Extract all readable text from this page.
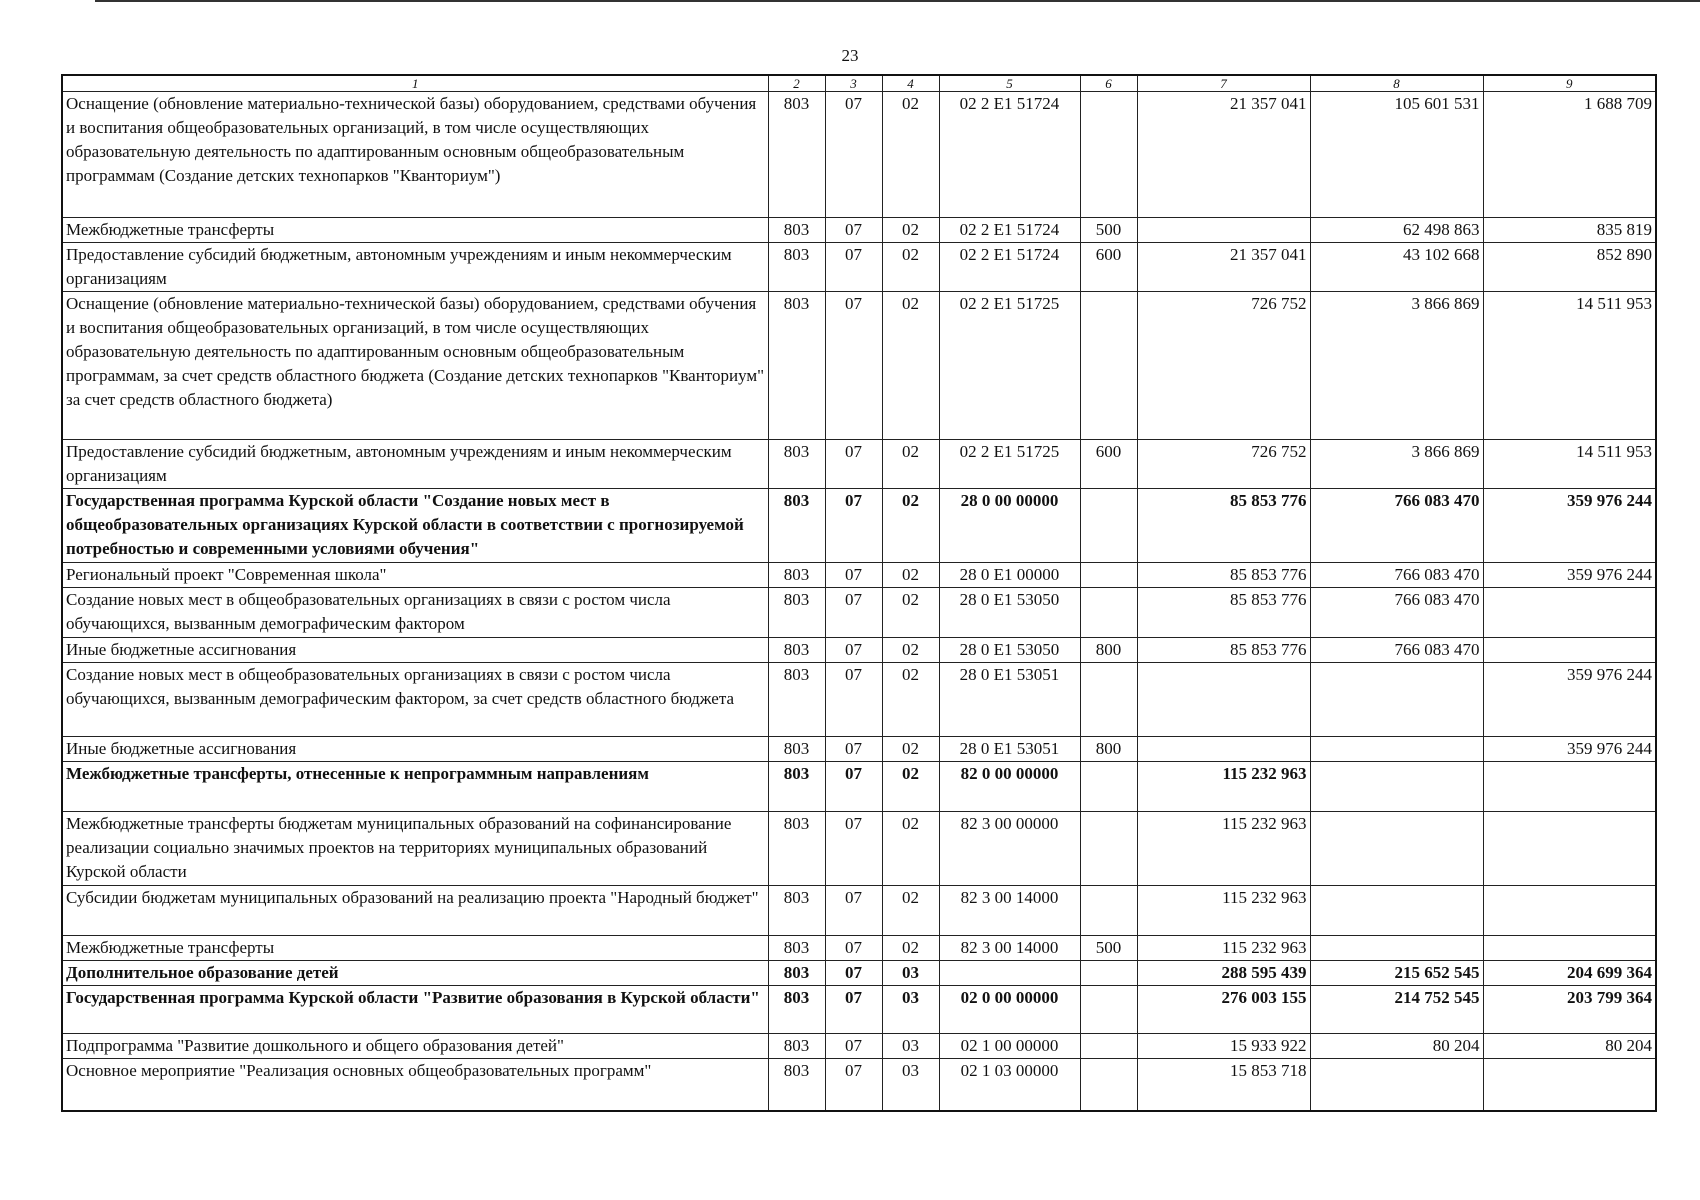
23
1	2	3	4	5	6	7	8	9
Оснащение (обновление материально-технической базы) оборудованием, средствами обучения и воспитания общеобразовательных организаций, в том числе осуществляющих образовательную деятельность по адаптированным основным общеобразовательным программам (Создание детских технопарков "Кванториум")	803	07	02	02 2 E1 51724		21 357 041	105 601 531	1 688 709
Межбюджетные трансферты	803	07	02	02 2 E1 51724	500		62 498 863	835 819
Предоставление субсидий бюджетным, автономным учреждениям и иным некоммерческим организациям	803	07	02	02 2 E1 51724	600	21 357 041	43 102 668	852 890
Оснащение (обновление материально-технической базы) оборудованием, средствами обучения и воспитания общеобразовательных организаций, в том числе осуществляющих образовательную деятельность по адаптированным основным общеобразовательным программам, за счет средств областного бюджета (Создание детских технопарков "Кванториум" за счет средств областного бюджета)	803	07	02	02 2 E1 51725		726 752	3 866 869	14 511 953
Предоставление субсидий бюджетным, автономным учреждениям и иным некоммерческим организациям	803	07	02	02 2 E1 51725	600	726 752	3 866 869	14 511 953
Государственная программа Курской области "Создание новых мест в общеобразовательных организациях Курской области в соответствии с прогнозируемой потребностью и современными условиями обучения"	803	07	02	28 0 00 00000		85 853 776	766 083 470	359 976 244
Региональный проект "Современная школа"	803	07	02	28 0 E1 00000		85 853 776	766 083 470	359 976 244
Создание новых мест в общеобразовательных организациях в связи с ростом числа обучающихся, вызванным демографическим фактором	803	07	02	28 0 E1 53050		85 853 776	766 083 470	
Иные бюджетные ассигнования	803	07	02	28 0 E1 53050	800	85 853 776	766 083 470	
Создание новых мест в общеобразовательных организациях в связи с ростом числа обучающихся, вызванным демографическим фактором, за счет средств областного бюджета	803	07	02	28 0 E1 53051				359 976 244
Иные бюджетные ассигнования	803	07	02	28 0 E1 53051	800			359 976 244
Межбюджетные трансферты, отнесенные к непрограммным направлениям	803	07	02	82 0 00 00000		115 232 963		
Межбюджетные трансферты бюджетам муниципальных образований на софинансирование реализации социально значимых проектов на территориях муниципальных образований Курской области	803	07	02	82 3 00 00000		115 232 963		
Субсидии бюджетам муниципальных образований на реализацию проекта "Народный бюджет"	803	07	02	82 3 00 14000		115 232 963		
Межбюджетные трансферты	803	07	02	82 3 00 14000	500	115 232 963		
Дополнительное образование детей	803	07	03			288 595 439	215 652 545	204 699 364
Государственная программа Курской области "Развитие образования в Курской области"	803	07	03	02 0 00 00000		276 003 155	214 752 545	203 799 364
Подпрограмма "Развитие дошкольного и общего образования детей"	803	07	03	02 1 00 00000		15 933 922	80 204	80 204
Основное мероприятие "Реализация основных общеобразовательных программ"	803	07	03	02 1 03 00000		15 853 718		
